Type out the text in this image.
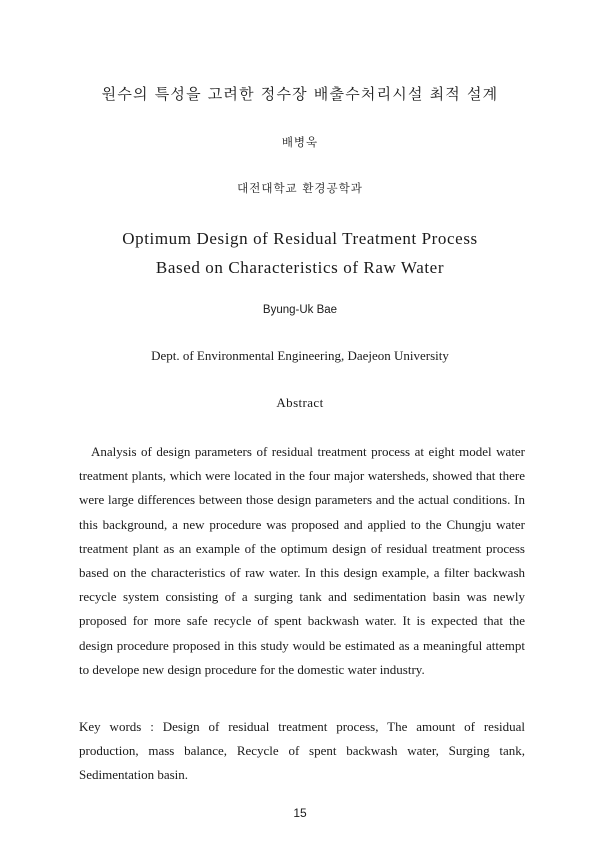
원수의 특성을 고려한 정수장 배출수처리시설 최적 설계
배병욱
대전대학교 환경공학과
Optimum Design of Residual Treatment Process
Based on Characteristics of Raw Water
Byung-Uk Bae
Dept. of Environmental Engineering, Daejeon University
Abstract
Analysis of design parameters of residual treatment process at eight model water treatment plants, which were located in the four major watersheds, showed that there were large differences between those design parameters and the actual conditions. In this background, a new procedure was proposed and applied to the Chungju water treatment plant as an example of the optimum design of residual treatment process based on the characteristics of raw water. In this design example, a filter backwash recycle system consisting of a surging tank and sedimentation basin was newly proposed for more safe recycle of spent backwash water. It is expected that the design procedure proposed in this study would be estimated as a meaningful attempt to develope new design procedure for the domestic water industry.
Key words : Design of residual treatment process, The amount of residual production, mass balance, Recycle of spent backwash water, Surging tank, Sedimentation basin.
15
